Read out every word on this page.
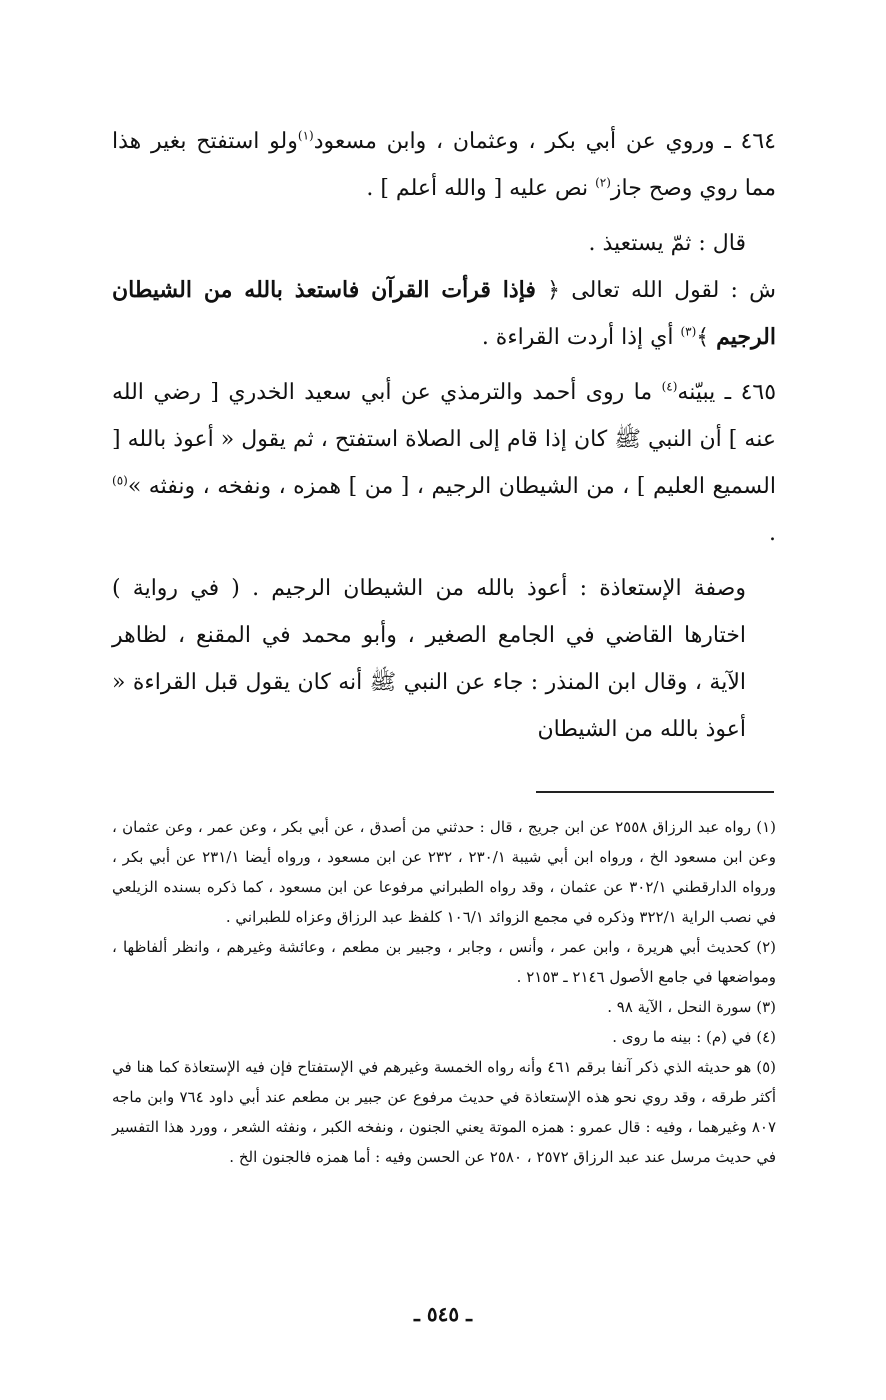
٤٦٤ ـ وروي عن أبي بكر ، وعثمان ، وابن مسعود$^{(١)}$ولو استفتح بغير هذا مما روي وصح جاز$^{(٢)}$ نص عليه [ والله أعلم ] .

قال : ثمّ يستعيذ .

ش : لقول الله تعالى ﴿ فإذا قرأت القرآن فاستعذ بالله من الشيطان الرجيم ﴾$^{(٣)}$ أي إذا أردت القراءة .

٤٦٥ ـ يبيّنه$^{(٤)}$ ما روى أحمد والترمذي عن أبي سعيد الخدري [ رضي الله عنه ] أن النبي ﷺ كان إذا قام إلى الصلاة استفتح ، ثم يقول « أعوذ بالله [ السميع العليم ] ، من الشيطان الرجيم ، [ من ] همزه ، ونفخه ، ونفثه »$^{(٥)}$ .

وصفة الإستعاذة : أعوذ بالله من الشيطان الرجيم . ( في رواية ) اختارها القاضي في الجامع الصغير ، وأبو محمد في المقنع ، لظاهر الآية ، وقال ابن المنذر : جاء عن النبي ﷺ أنه كان يقول قبل القراءة « أعوذ بالله من الشيطان

(١) رواه عبد الرزاق ٢٥٥٨ عن ابن جريج ، قال : حدثني من أصدق ، عن أبي بكر ، وعن عمر ، وعن عثمان ، وعن ابن مسعود الخ ، ورواه ابن أبي شيبة ٢٣٠/١ ، ٢٣٢ عن ابن مسعود ، ورواه أيضا ٢٣١/١ عن أبي بكر ، ورواه الدارقطني ٣٠٢/١ عن عثمان ، وقد رواه الطبراني مرفوعا عن ابن مسعود ، كما ذكره بسنده الزيلعي في نصب الراية ٣٢٢/١ وذكره في مجمع الزوائد ١٠٦/١ كلفظ عبد الرزاق وعزاه للطبراني .

(٢) كحديث أبي هريرة ، وابن عمر ، وأنس ، وجابر ، وجبير بن مطعم ، وعائشة وغيرهم ، وانظر ألفاظها ، ومواضعها في جامع الأصول ٢١٤٦ ـ ٢١٥٣ .

(٣) سورة النحل ، الآية ٩٨ .

(٤) في (م) : بينه ما روى .

(٥) هو حديثه الذي ذكر آنفا برقم ٤٦١ وأنه رواه الخمسة وغيرهم في الإستفتاح فإن فيه الإستعاذة كما هنا في أكثر طرقه ، وقد روي نحو هذه الإستعاذة في حديث مرفوع عن جبير بن مطعم عند أبي داود ٧٦٤ وابن ماجه ٨٠٧ وغيرهما ، وفيه : قال عمرو : همزه الموتة يعني الجنون ، ونفخه الكبر ، ونفثه الشعر ، وورد هذا التفسير في حديث مرسل عند عبد الرزاق ٢٥٧٢ ، ٢٥٨٠ عن الحسن وفيه : أما همزه فالجنون الخ .

ـ ٥٤٥ ـ
